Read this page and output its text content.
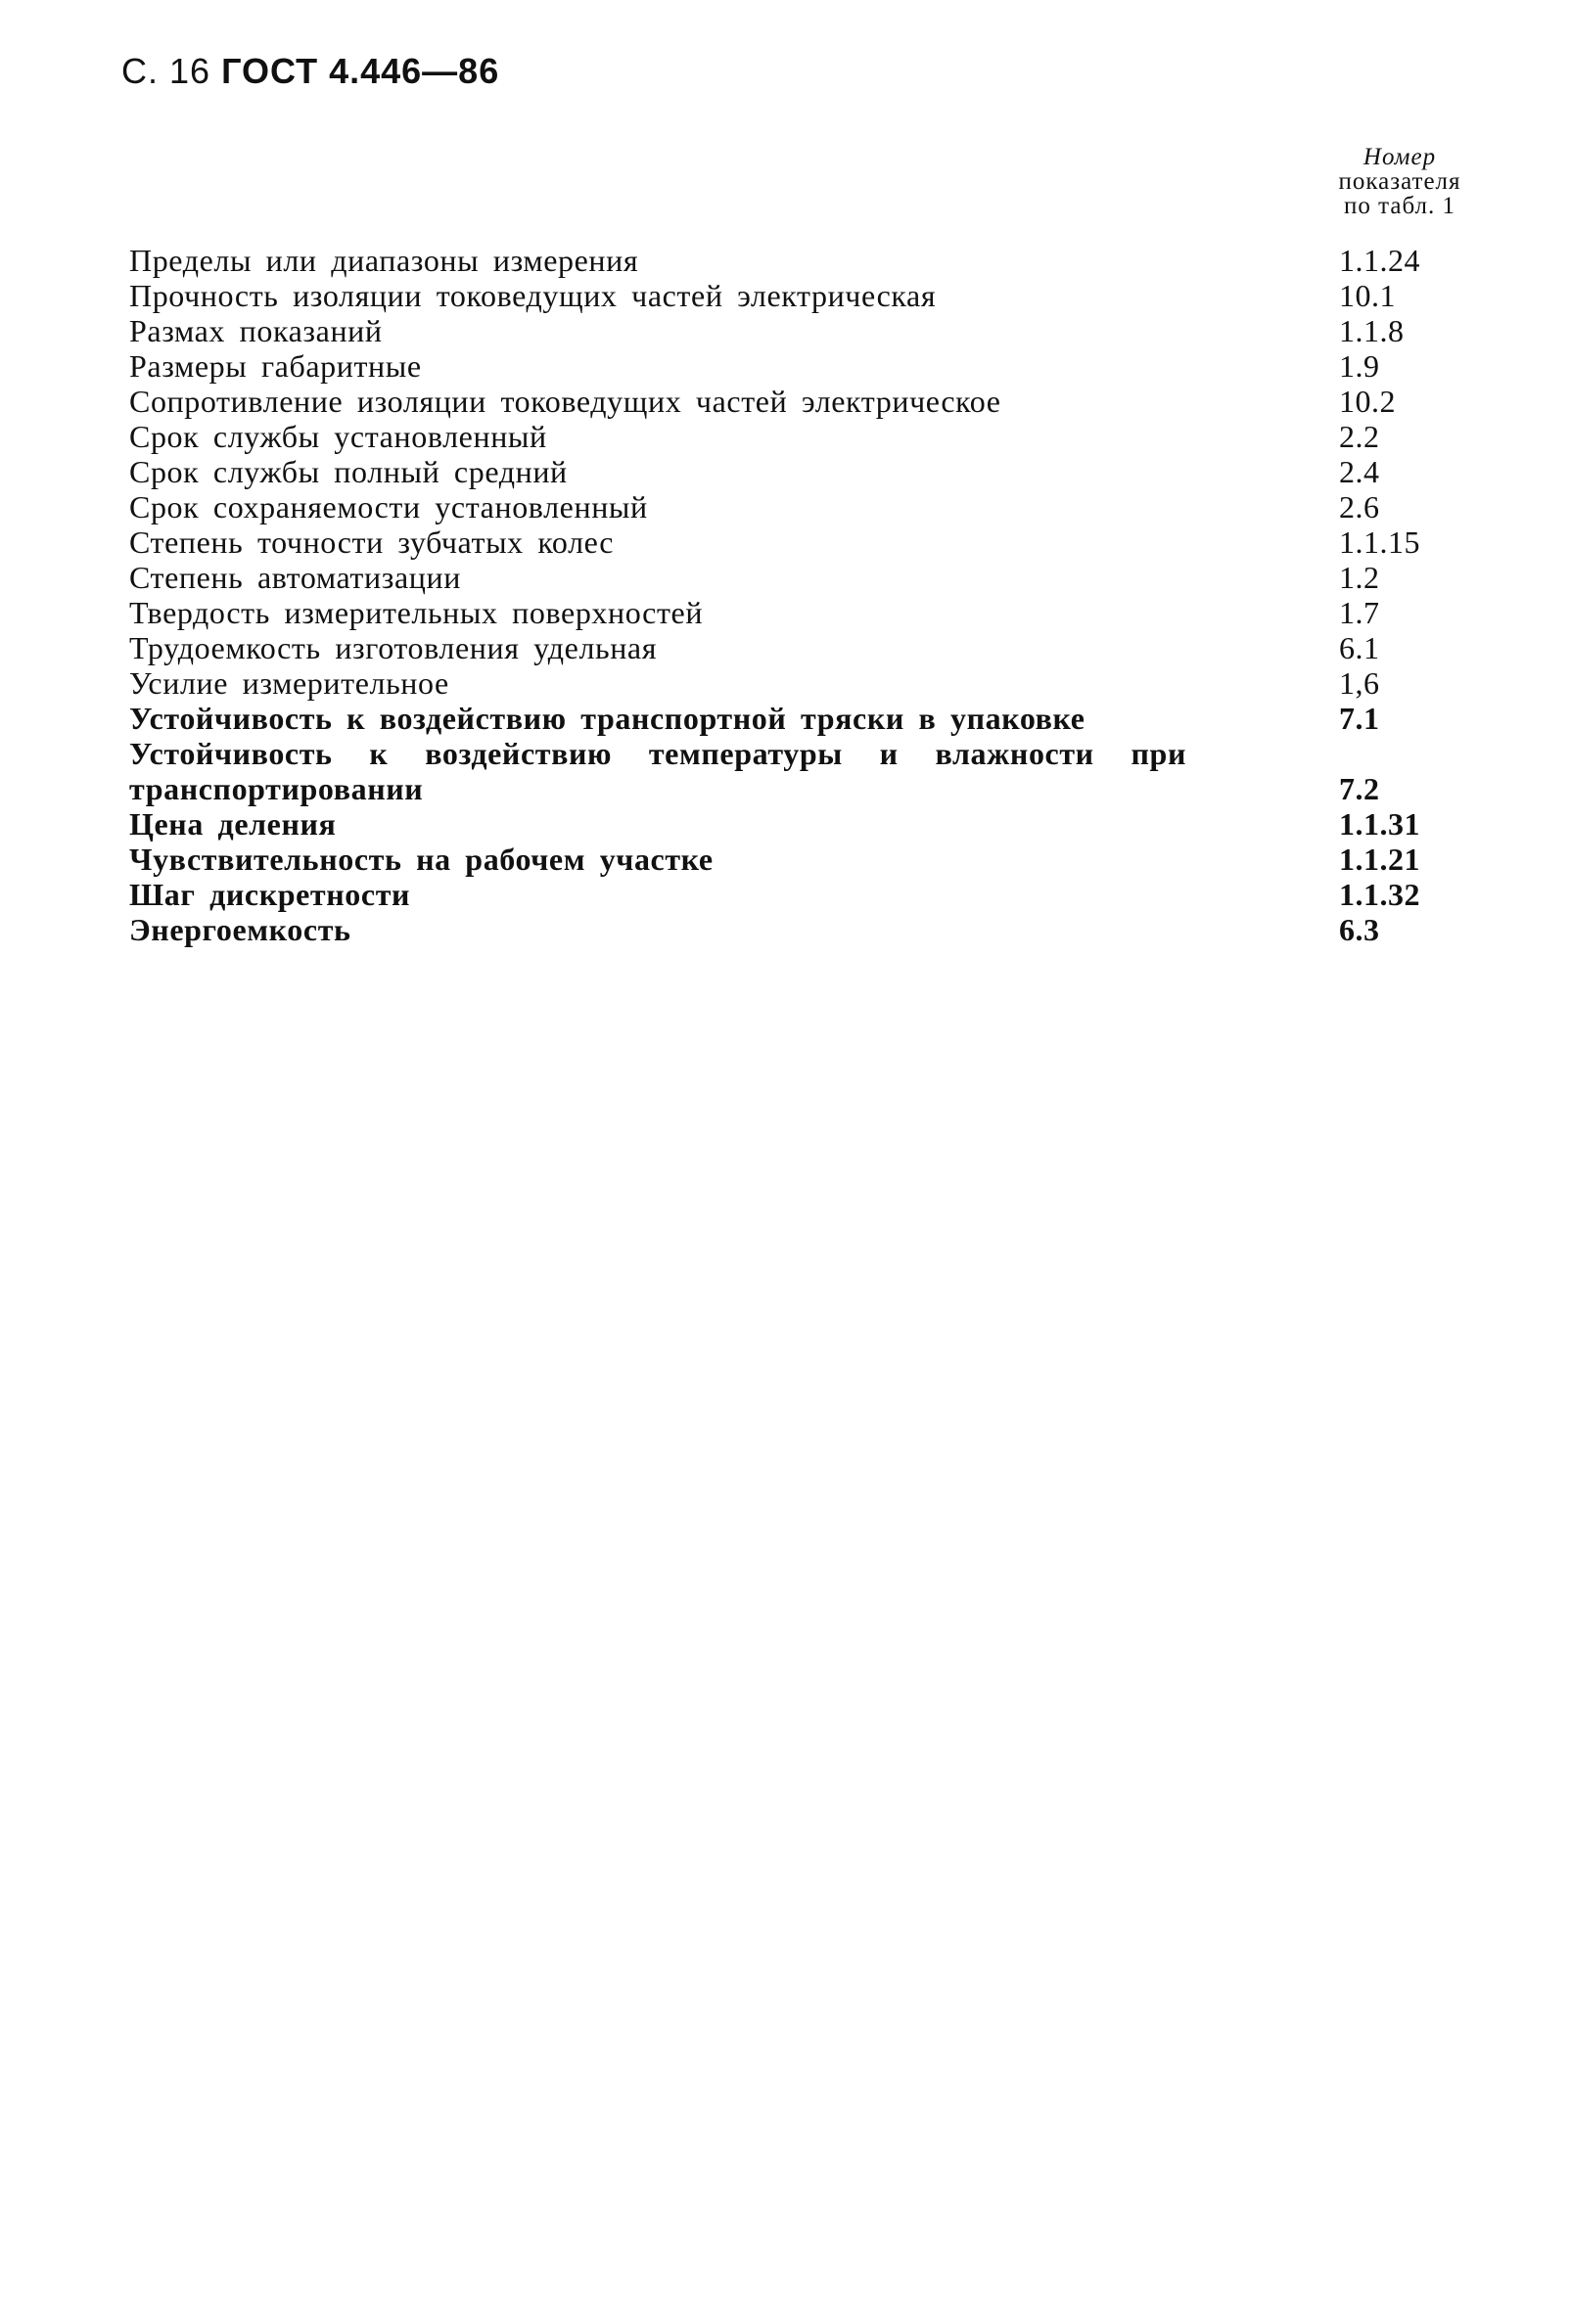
С. 16 ГОСТ 4.446—86
Номер
показателя
по табл. 1
Пределы или диапазоны измерения	1.1.24
Прочность изоляции токоведущих частей электрическая	10.1
Размах показаний	1.1.8
Размеры габаритные	1.9
Сопротивление изоляции токоведущих частей электрическое	10.2
Срок службы установленный	2.2
Срок службы полный средний	2.4
Срок сохраняемости установленный	2.6
Степень точности зубчатых колес	1.1.15
Степень автоматизации	1.2
Твердость измерительных поверхностей	1.7
Трудоемкость изготовления удельная	6.1
Усилие измерительное	1,6
Устойчивость к воздействию транспортной тряски в упаковке	7.1
Устойчивость к воздействию температуры и влажности при транспортировании	7.2
Цена деления	1.1.31
Чувствительность на рабочем участке	1.1.21
Шаг дискретности	1.1.32
Энергоемкость	6.3
